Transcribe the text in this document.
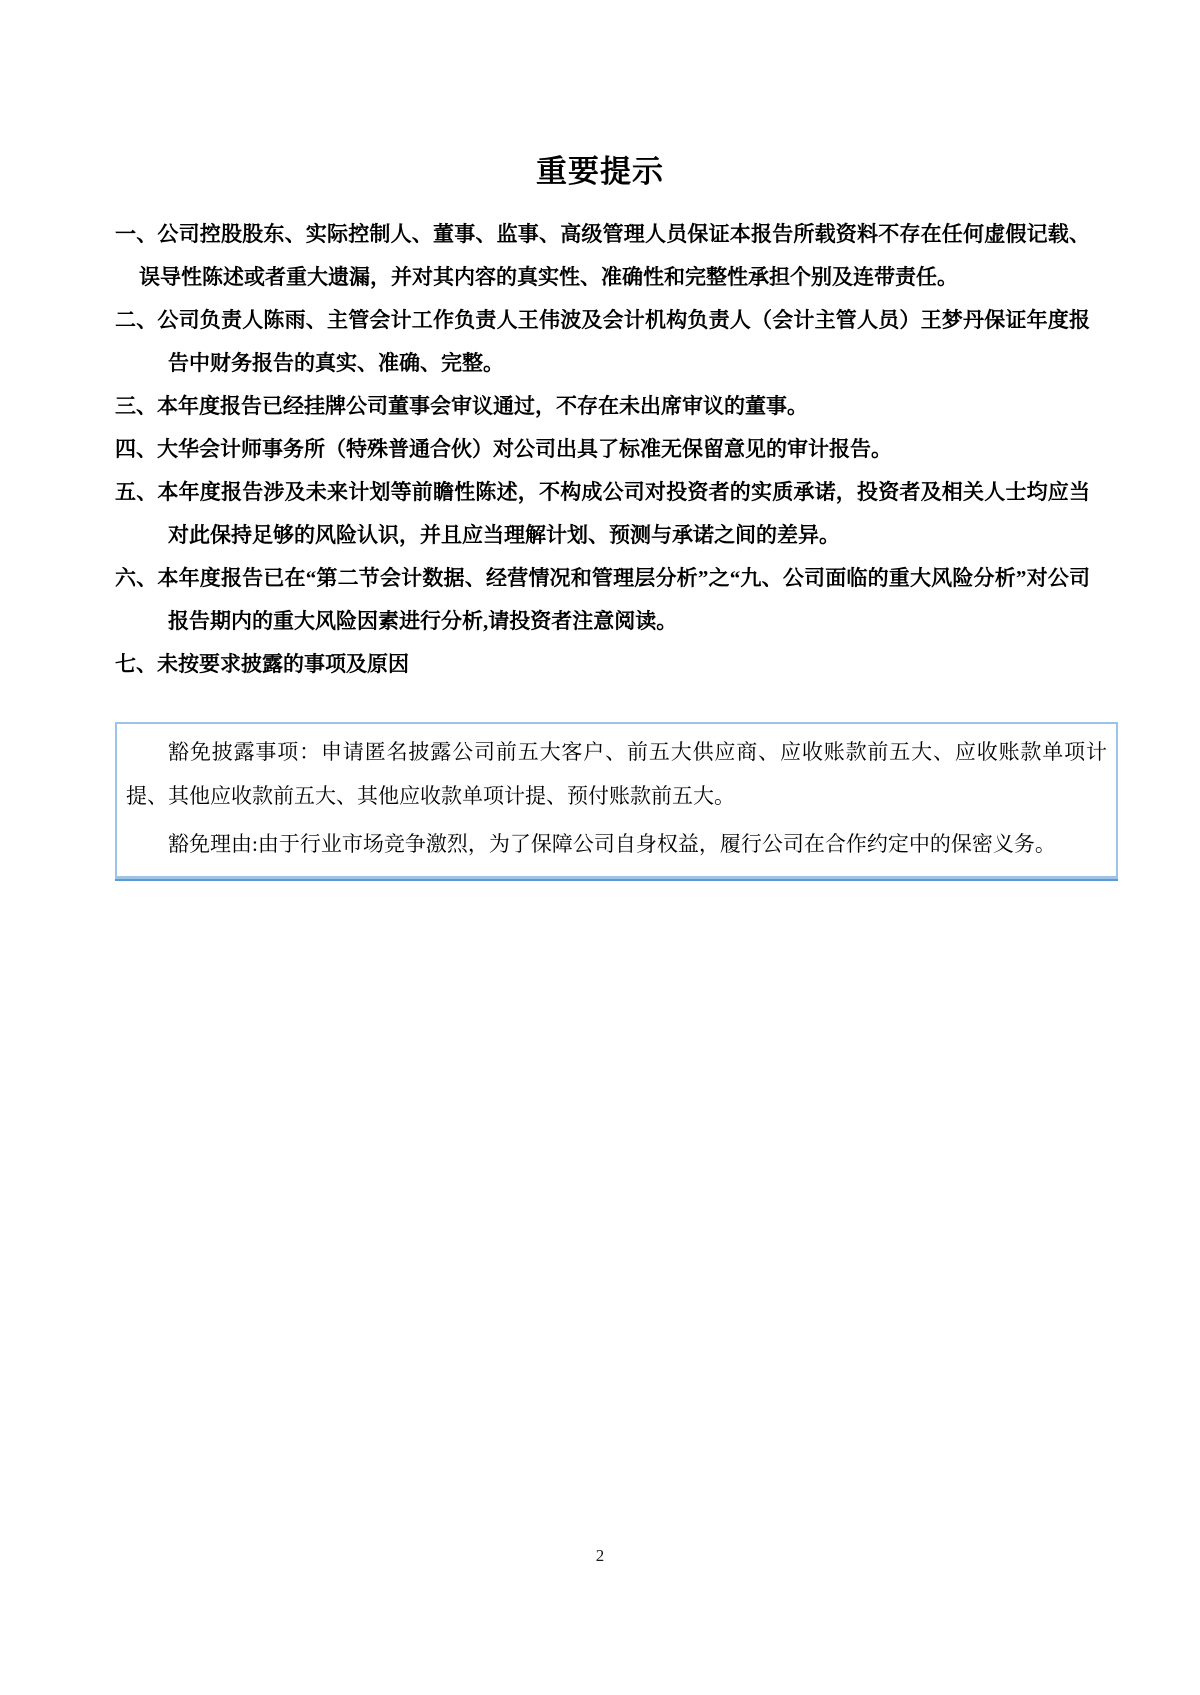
重要提示

一、公司控股股东、实际控制人、董事、监事、高级管理人员保证本报告所载资料不存在任何虚假记载、误导性陈述或者重大遗漏，并对其内容的真实性、准确性和完整性承担个别及连带责任。

二、公司负责人陈雨、主管会计工作负责人王伟波及会计机构负责人（会计主管人员）王梦丹保证年度报告中财务报告的真实、准确、完整。

三、本年度报告已经挂牌公司董事会审议通过，不存在未出席审议的董事。

四、大华会计师事务所（特殊普通合伙）对公司出具了标准无保留意见的审计报告。

五、本年度报告涉及未来计划等前瞻性陈述，不构成公司对投资者的实质承诺，投资者及相关人士均应当对此保持足够的风险认识，并且应当理解计划、预测与承诺之间的差异。

六、本年度报告已在“第二节会计数据、经营情况和管理层分析”之“九、公司面临的重大风险分析”对公司报告期内的重大风险因素进行分析,请投资者注意阅读。

七、未按要求披露的事项及原因

豁免披露事项：申请匿名披露公司前五大客户、前五大供应商、应收账款前五大、应收账款单项计提、其他应收款前五大、其他应收款单项计提、预付账款前五大。

豁免理由:由于行业市场竞争激烈，为了保障公司自身权益，履行公司在合作约定中的保密义务。

2
